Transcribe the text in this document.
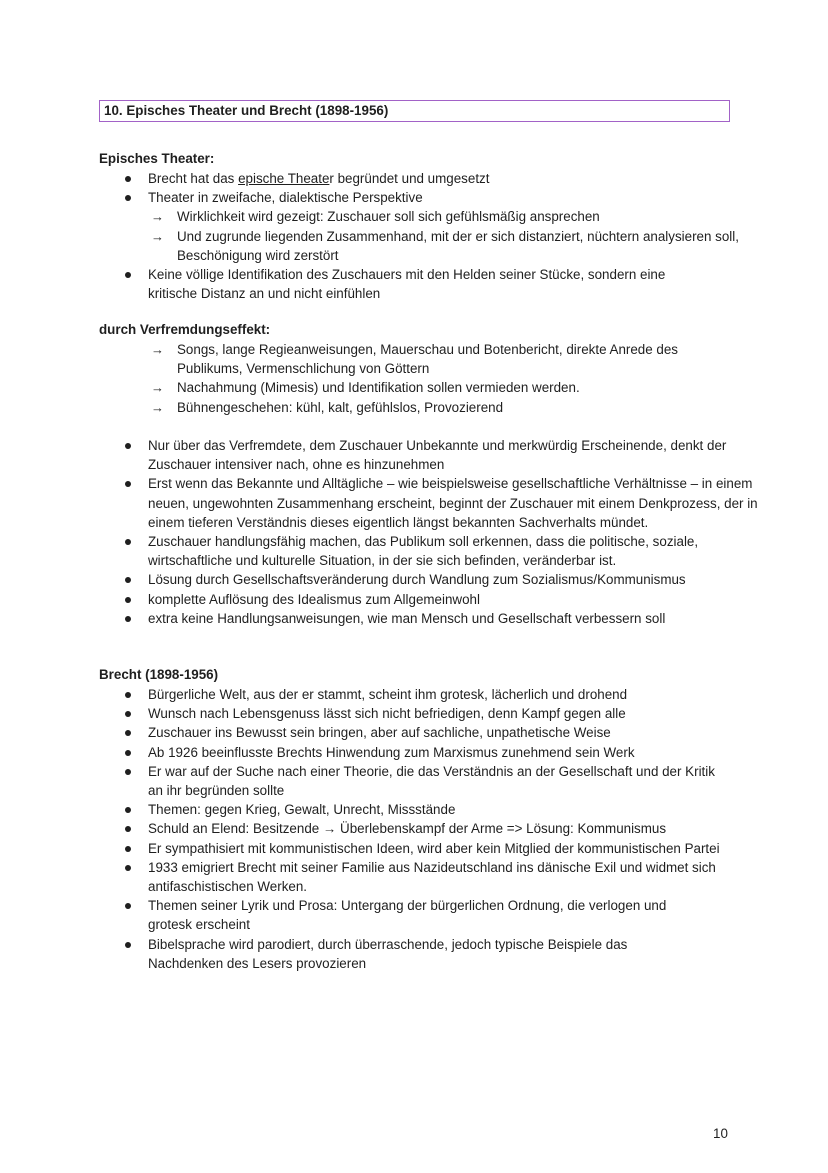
10. Episches Theater und Brecht (1898-1956)
Episches Theater:
Brecht hat das epische Theater begründet und umgesetzt
Theater in zweifache, dialektische Perspektive
→ Wirklichkeit wird gezeigt: Zuschauer soll sich gefühlsmäßig ansprechen
→ Und zugrunde liegenden Zusammenhand, mit der er sich distanziert, nüchtern analysieren soll, Beschönigung wird zerstört
Keine völlige Identifikation des Zuschauers mit den Helden seiner Stücke, sondern eine kritische Distanz an und nicht einfühlen
durch Verfremdungseffekt:
→ Songs, lange Regieanweisungen, Mauerschau und Botenbericht, direkte Anrede des Publikums, Vermenschlichung von Göttern
→ Nachahmung (Mimesis) und Identifikation sollen vermieden werden.
→ Bühnengeschehen: kühl, kalt, gefühlslos, Provozierend
Nur über das Verfremdete, dem Zuschauer Unbekannte und merkwürdig Erscheinende, denkt der Zuschauer intensiver nach, ohne es hinzunehmen
Erst wenn das Bekannte und Alltägliche – wie beispielsweise gesellschaftliche Verhältnisse – in einem neuen, ungewohnten Zusammenhang erscheint, beginnt der Zuschauer mit einem Denkprozess, der in einem tieferen Verständnis dieses eigentlich längst bekannten Sachverhalts mündet.
Zuschauer handlungsfähig machen, das Publikum soll erkennen, dass die politische, soziale, wirtschaftliche und kulturelle Situation, in der sie sich befinden, veränderbar ist.
Lösung durch Gesellschaftsveränderung durch Wandlung zum Sozialismus/Kommunismus
komplette Auflösung des Idealismus zum Allgemeinwohl
extra keine Handlungsanweisungen, wie man Mensch und Gesellschaft verbessern soll
Brecht (1898-1956)
Bürgerliche Welt, aus der er stammt, scheint ihm grotesk, lächerlich und drohend
Wunsch nach Lebensgenuss lässt sich nicht befriedigen, denn Kampf gegen alle
Zuschauer ins Bewusst sein bringen, aber auf sachliche, unpathetische Weise
Ab 1926 beeinflusste Brechts Hinwendung zum Marxismus zunehmend sein Werk
Er war auf der Suche nach einer Theorie, die das Verständnis an der Gesellschaft und der Kritik an ihr begründen sollte
Themen: gegen Krieg, Gewalt, Unrecht, Missstände
Schuld an Elend: Besitzende → Überlebenskampf der Arme => Lösung: Kommunismus
Er sympathisiert mit kommunistischen Ideen, wird aber kein Mitglied der kommunistischen Partei
1933 emigriert Brecht mit seiner Familie aus Nazideutschland ins dänische Exil und widmet sich antifaschistischen Werken.
Themen seiner Lyrik und Prosa: Untergang der bürgerlichen Ordnung, die verlogen und grotesk erscheint
Bibelsprache wird parodiert, durch überraschende, jedoch typische Beispiele das Nachdenken des Lesers provozieren
10
